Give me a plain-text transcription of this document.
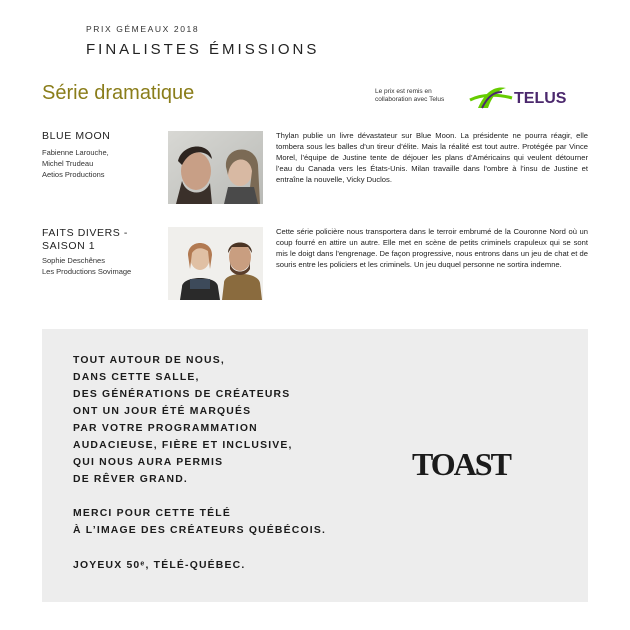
PRIX GÉMEAUX 2018
FINALISTES ÉMISSIONS
Série dramatique	Le prix est remis en collaboration avec Telus	TELUS
BLUE MOON
Fabienne Larouche,
Michel Trudeau
Aetios Productions
Thylan publie un livre dévastateur sur Blue Moon. La présidente ne pourra réagir, elle tombera sous les balles d’un tireur d’élite. Mais la réalité est tout autre. Protégée par Vince Morel, l’équipe de Justine tente de déjouer les plans d’Américains qui veulent détourner l’eau du Canada vers les États-Unis. Milan travaille dans l’ombre à l’insu de Justine et entraîne la nouvelle, Vicky Duclos.
FAITS DIVERS -
SAISON 1
Sophie Deschênes
Les Productions Sovimage
Cette série policière nous transportera dans le terroir embrumé de la Couronne Nord où un coup fourré en attire un autre. Elle met en scène de petits criminels crapuleux qui se sont mis le doigt dans l’engrenage. De façon progressive, nous entrons dans un jeu de chat et de souris entre les policiers et les criminels. Un jeu duquel personne ne sortira indemne.
TOUT AUTOUR DE NOUS,
DANS CETTE SALLE,
DES GÉNÉRATIONS DE CRÉATEURS
ONT UN JOUR ÉTÉ MARQUÉS
PAR VOTRE PROGRAMMATION
AUDACIEUSE, FIÈRE ET INCLUSIVE,
QUI NOUS AURA PERMIS
DE RÊVER GRAND.
MERCI POUR CETTE TÉLÉ
À L’IMAGE DES CRÉATEURS QUÉBÉCOIS.
JOYEUX 50ᵉ, TÉLÉ-QUÉBEC.
TOAST
